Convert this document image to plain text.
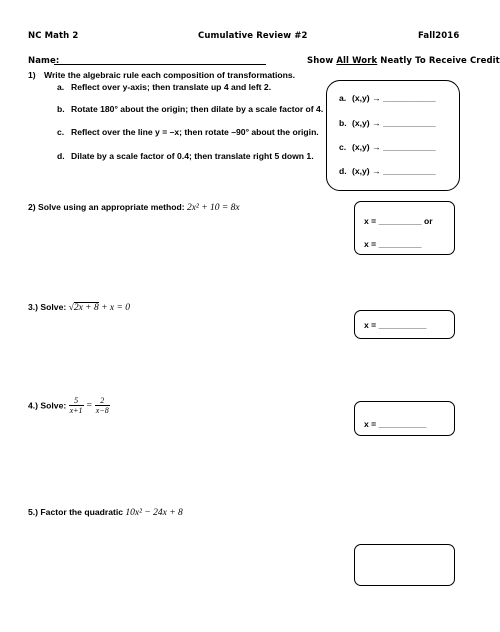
NC Math 2	Cumulative Review #2	Fall2016
Name:	Show All Work Neatly To Receive Credit
1) Write the algebraic rule each composition of transformations.
a. Reflect over y-axis; then translate up 4 and left 2.
b. Rotate 180° about the origin; then dilate by a scale factor of 4.
c. Reflect over the line y = –x; then rotate –90° about the origin.
d. Dilate by a scale factor of 0.4; then translate right 5 down 1.
a. (x,y) → ___________
b. (x,y) → ___________
c. (x,y) → ___________
d. (x,y) → ___________
2) Solve using an appropriate method: 2x² + 10 = 8x
x = _________ or
x = _________
3.) Solve: √2x + 8 + x = 0
x = __________
4.) Solve: $\frac{5}{x+1} = \frac{2}{x-8}$
x = __________
5.) Factor the quadratic 10x² − 24x + 8
